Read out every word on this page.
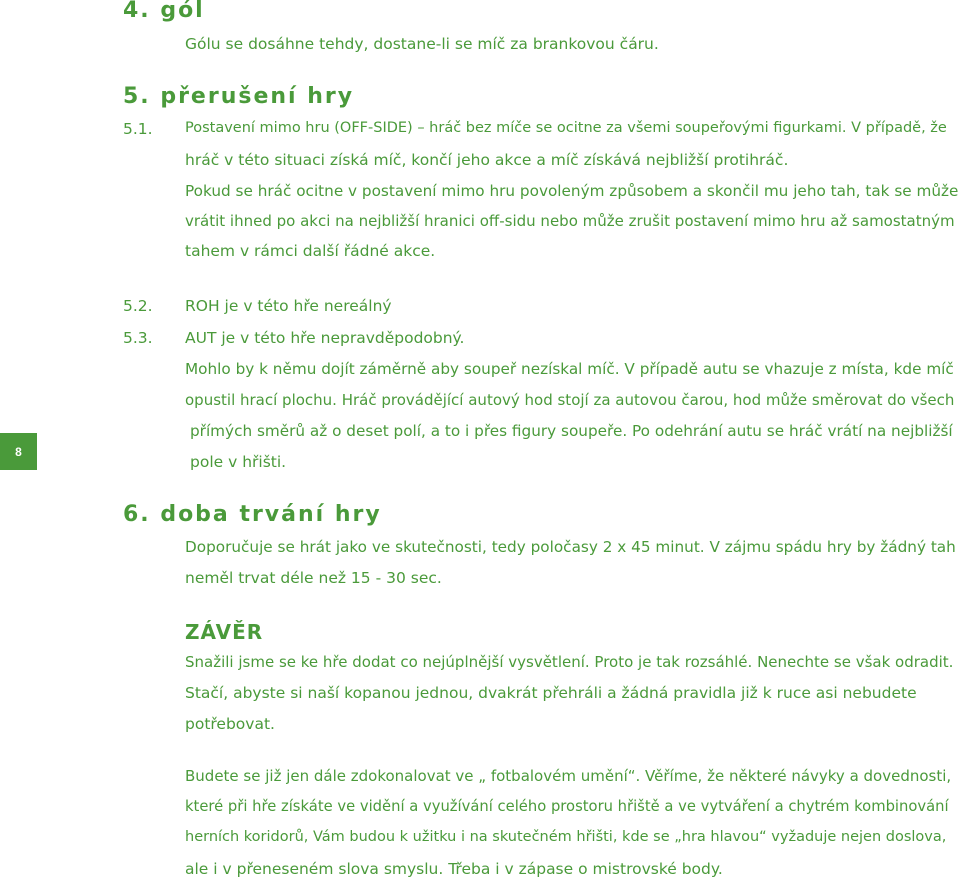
8
4. gól
Gólu se dosáhne tehdy, dostane-li se míč za brankovou čáru.
5. přerušení hry
5.1. Postavení mimo hru (OFF-SIDE) – hráč bez míče se ocitne za všemi soupeřovými figurkami. V případě, že
hráč v této situaci získá míč, končí jeho akce a míč získává nejbližší protihráč.
Pokud se hráč ocitne v postavení mimo hru povoleným způsobem a skončil mu jeho tah, tak se může
vrátit ihned po akci na nejbližší hranici off-sidu nebo může zrušit postavení mimo hru až samostatným
tahem v rámci další řádné akce.
5.2. ROH je v této hře nereálný
5.3. AUT je v této hře nepravděpodobný.
Mohlo by k němu dojít záměrně aby soupeř nezískal míč. V případě autu se vhazuje z místa, kde míč
opustil hrací plochu. Hráč provádějící autový hod stojí za autovou čarou, hod může směrovat do všech
přímých směrů až o deset polí, a to i přes figury soupeře. Po odehrání autu se hráč vrátí na nejbližší
pole v hřišti.
6. doba trvání hry
Doporučuje se hrát jako ve skutečnosti, tedy poločasy 2 x 45 minut. V zájmu spádu hry by žádný tah
neměl trvat déle než 15 - 30 sec.
ZÁVĚR
Snažili jsme se ke hře dodat co nejúplnější vysvětlení. Proto je tak rozsáhlé. Nenechte se však odradit.
Stačí, abyste si naší kopanou jednou, dvakrát přehráli a žádná pravidla již k ruce asi nebudete
potřebovat.
Budete se již jen dále zdokonalovat ve „ fotbalovém umění“. Věříme, že některé návyky a dovednosti,
které při hře získáte ve vidění a využívání celého prostoru hřiště a ve vytváření a chytrém kombinování
herních koridorů, Vám budou k užitku i na skutečném hřišti, kde se „hra hlavou“ vyžaduje nejen doslova,
ale i v přeneseném slova smyslu. Třeba i v zápase o mistrovské body.
